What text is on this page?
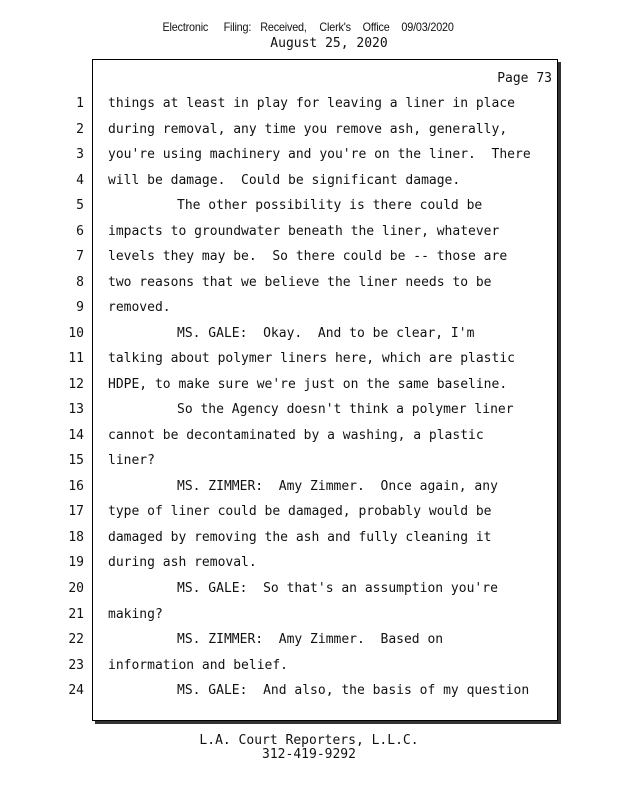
Electronic Filing: Received, Clerk's Office 09/03/2020
August 25, 2020
Page 73
1 things at least in play for leaving a liner in place
2 during removal, any time you remove ash, generally,
3 you're using machinery and you're on the liner.  There
4 will be damage.  Could be significant damage.
5	The other possibility is there could be
6 impacts to groundwater beneath the liner, whatever
7 levels they may be.  So there could be -- those are
8 two reasons that we believe the liner needs to be
9 removed.
10	MS. GALE:  Okay.  And to be clear, I'm
11 talking about polymer liners here, which are plastic
12 HDPE, to make sure we're just on the same baseline.
13	So the Agency doesn't think a polymer liner
14 cannot be decontaminated by a washing, a plastic
15 liner?
16	MS. ZIMMER:  Amy Zimmer.  Once again, any
17 type of liner could be damaged, probably would be
18 damaged by removing the ash and fully cleaning it
19 during ash removal.
20	MS. GALE:  So that's an assumption you're
21 making?
22	MS. ZIMMER:  Amy Zimmer.  Based on
23 information and belief.
24	MS. GALE:  And also, the basis of my question
L.A. Court Reporters, L.L.C.
312-419-9292
